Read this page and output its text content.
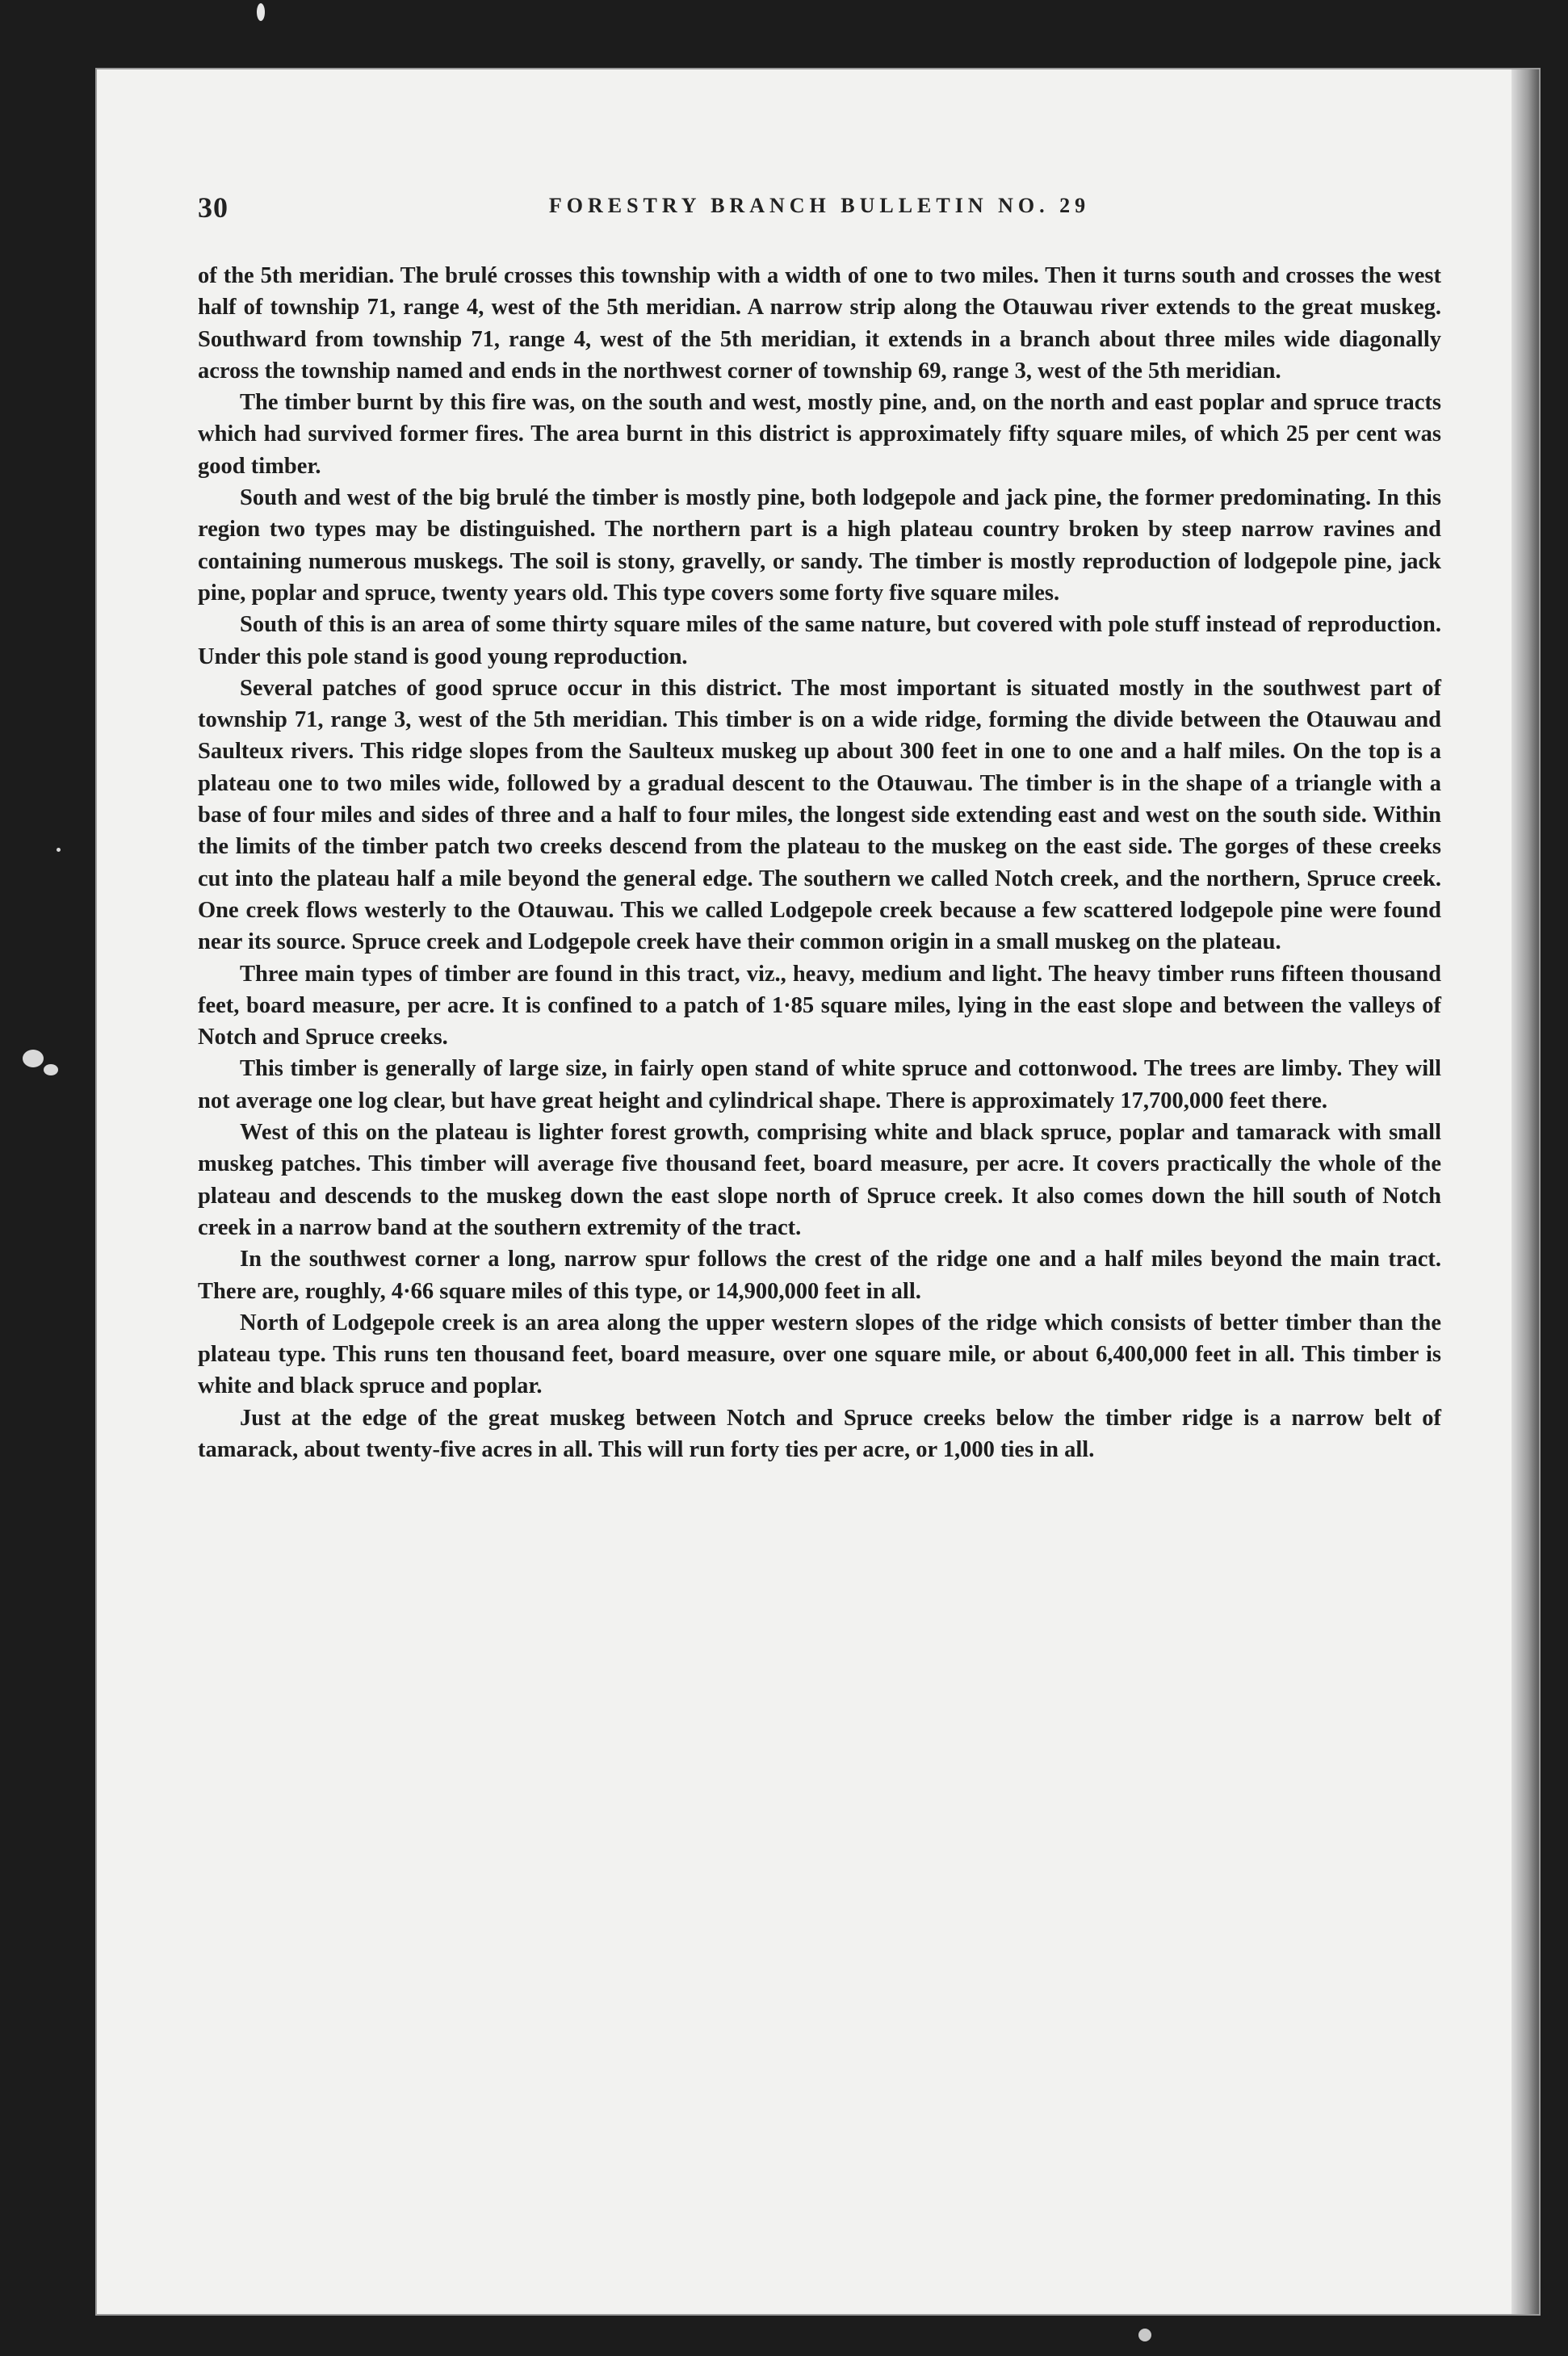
30	FORESTRY BRANCH BULLETIN NO. 29

of the 5th meridian. The brulé crosses this township with a width of one to two miles. Then it turns south and crosses the west half of township 71, range 4, west of the 5th meridian. A narrow strip along the Otauwau river extends to the great muskeg. Southward from township 71, range 4, west of the 5th meridian, it extends in a branch about three miles wide diagonally across the township named and ends in the northwest corner of township 69, range 3, west of the 5th meridian.

The timber burnt by this fire was, on the south and west, mostly pine, and, on the north and east poplar and spruce tracts which had survived former fires. The area burnt in this district is approximately fifty square miles, of which 25 per cent was good timber.

South and west of the big brulé the timber is mostly pine, both lodgepole and jack pine, the former predominating. In this region two types may be distinguished. The northern part is a high plateau country broken by steep narrow ravines and containing numerous muskegs. The soil is stony, gravelly, or sandy. The timber is mostly reproduction of lodgepole pine, jack pine, poplar and spruce, twenty years old. This type covers some forty five square miles.

South of this is an area of some thirty square miles of the same nature, but covered with pole stuff instead of reproduction. Under this pole stand is good young reproduction.

Several patches of good spruce occur in this district. The most important is situated mostly in the southwest part of township 71, range 3, west of the 5th meridian. This timber is on a wide ridge, forming the divide between the Otauwau and Saulteux rivers. This ridge slopes from the Saulteux muskeg up about 300 feet in one to one and a half miles. On the top is a plateau one to two miles wide, followed by a gradual descent to the Otauwau. The timber is in the shape of a triangle with a base of four miles and sides of three and a half to four miles, the longest side extending east and west on the south side. Within the limits of the timber patch two creeks descend from the plateau to the muskeg on the east side. The gorges of these creeks cut into the plateau half a mile beyond the general edge. The southern we called Notch creek, and the northern, Spruce creek. One creek flows westerly to the Otauwau. This we called Lodgepole creek because a few scattered lodgepole pine were found near its source. Spruce creek and Lodgepole creek have their common origin in a small muskeg on the plateau.

Three main types of timber are found in this tract, viz., heavy, medium and light. The heavy timber runs fifteen thousand feet, board measure, per acre. It is confined to a patch of 1·85 square miles, lying in the east slope and between the valleys of Notch and Spruce creeks.

This timber is generally of large size, in fairly open stand of white spruce and cottonwood. The trees are limby. They will not average one log clear, but have great height and cylindrical shape. There is approximately 17,700,000 feet there.

West of this on the plateau is lighter forest growth, comprising white and black spruce, poplar and tamarack with small muskeg patches. This timber will average five thousand feet, board measure, per acre. It covers practically the whole of the plateau and descends to the muskeg down the east slope north of Spruce creek. It also comes down the hill south of Notch creek in a narrow band at the southern extremity of the tract.

In the southwest corner a long, narrow spur follows the crest of the ridge one and a half miles beyond the main tract. There are, roughly, 4·66 square miles of this type, or 14,900,000 feet in all.

North of Lodgepole creek is an area along the upper western slopes of the ridge which consists of better timber than the plateau type. This runs ten thousand feet, board measure, over one square mile, or about 6,400,000 feet in all. This timber is white and black spruce and poplar.

Just at the edge of the great muskeg between Notch and Spruce creeks below the timber ridge is a narrow belt of tamarack, about twenty-five acres in all. This will run forty ties per acre, or 1,000 ties in all.
